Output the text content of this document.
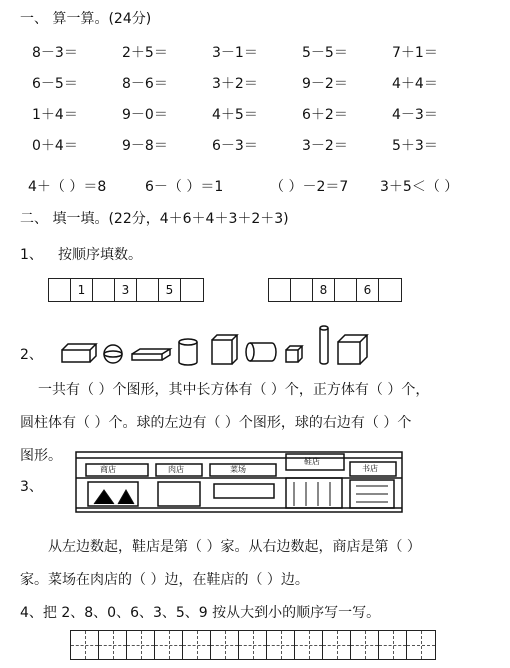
一、 算一算。(24分)
8－3＝	2＋5＝	3－1＝	5－5＝	7＋1＝
6－5＝	8－6＝	3＋2＝	9－2＝	4＋4＝
1＋4＝	9－0＝	4＋5＝	6＋2＝	4－3＝
0＋4＝	9－8＝	6－3＝	3－2＝	5＋3＝
4＋（ ）＝8	6－（ ）＝1	（ ）－2＝7 3＋5＜（ ）
二、 填一填。(22分，4＋6＋4＋3＋2＋3)
1、 按顺序填数。
1	3	5	8	6
2、
一共有（ ）个图形，其中长方体有（ ）个，正方体有（ ）个，
圆柱体有（ ）个。球的左边有（ ）个图形，球的右边有（ ）个
图形。
3、
商店	肉店	菜场
鞋店
书店
从左边数起，鞋店是第（ ）家。从右边数起，商店是第（ ）
家。菜场在肉店的（ ）边，在鞋店的（ ）边。
4、把 2、8、0、6、3、5、9 按从大到小的顺序写一写。
